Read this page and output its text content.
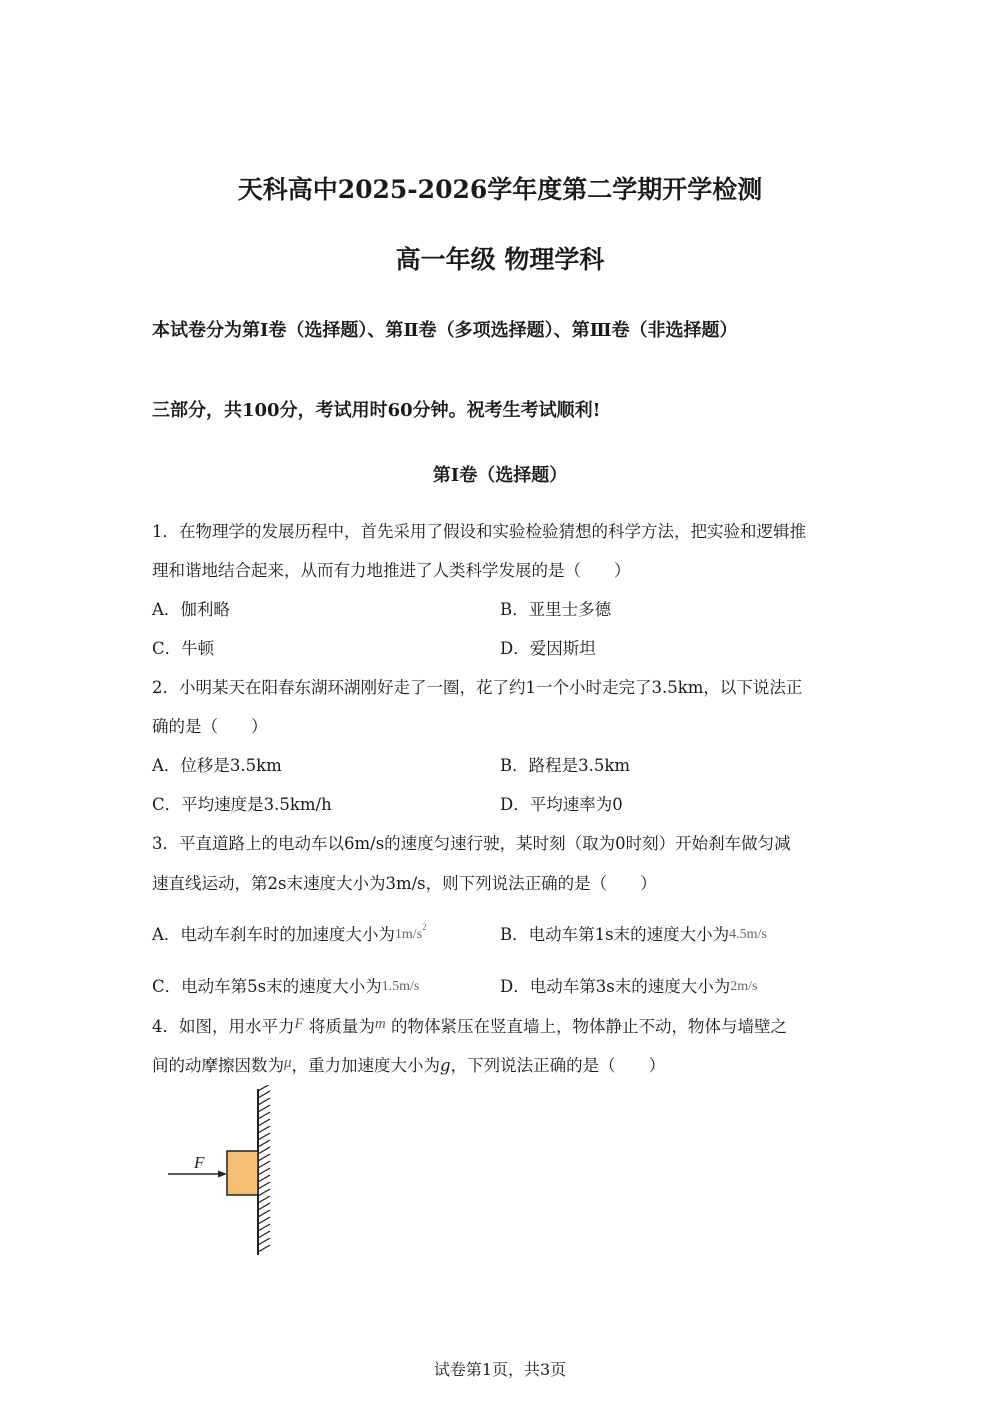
天科高中2025-2026学年度第二学期开学检测
高一年级 物理学科
本试卷分为第Ⅰ卷（选择题）、第Ⅱ卷（多项选择题）、第Ⅲ卷（非选择题）
三部分，共100分，考试用时60分钟。祝考生考试顺利!
第Ⅰ卷（选择题）
1．在物理学的发展历程中，首先采用了假设和实验检验猜想的科学方法，把实验和逻辑推
理和谐地结合起来，从而有力地推进了人类科学发展的是（　　）
A．伽利略	B．亚里士多德
C．牛顿	D．爱因斯坦
2．小明某天在阳春东湖环湖刚好走了一圈，花了约1一个小时走完了3.5km，以下说法正
确的是（　　）
A．位移是3.5km	B．路程是3.5km
C．平均速度是3.5km/h	D．平均速率为0
3．平直道路上的电动车以6m/s的速度匀速行驶，某时刻（取为0时刻）开始刹车做匀减
速直线运动，第2s末速度大小为3m/s，则下列说法正确的是（　　）
A．电动车刹车时的加速度大小为$1m/s^2$	B．电动车第1s末的速度大小为4.5m/s
C．电动车第5s末的速度大小为1.5m/s	D．电动车第3s末的速度大小为2m/s
4．如图，用水平力F 将质量为m 的物体紧压在竖直墙上，物体静止不动，物体与墙壁之
间的动摩擦因数为μ，重力加速度大小为g，下列说法正确的是（　　）
F
试卷第1页，共3页
